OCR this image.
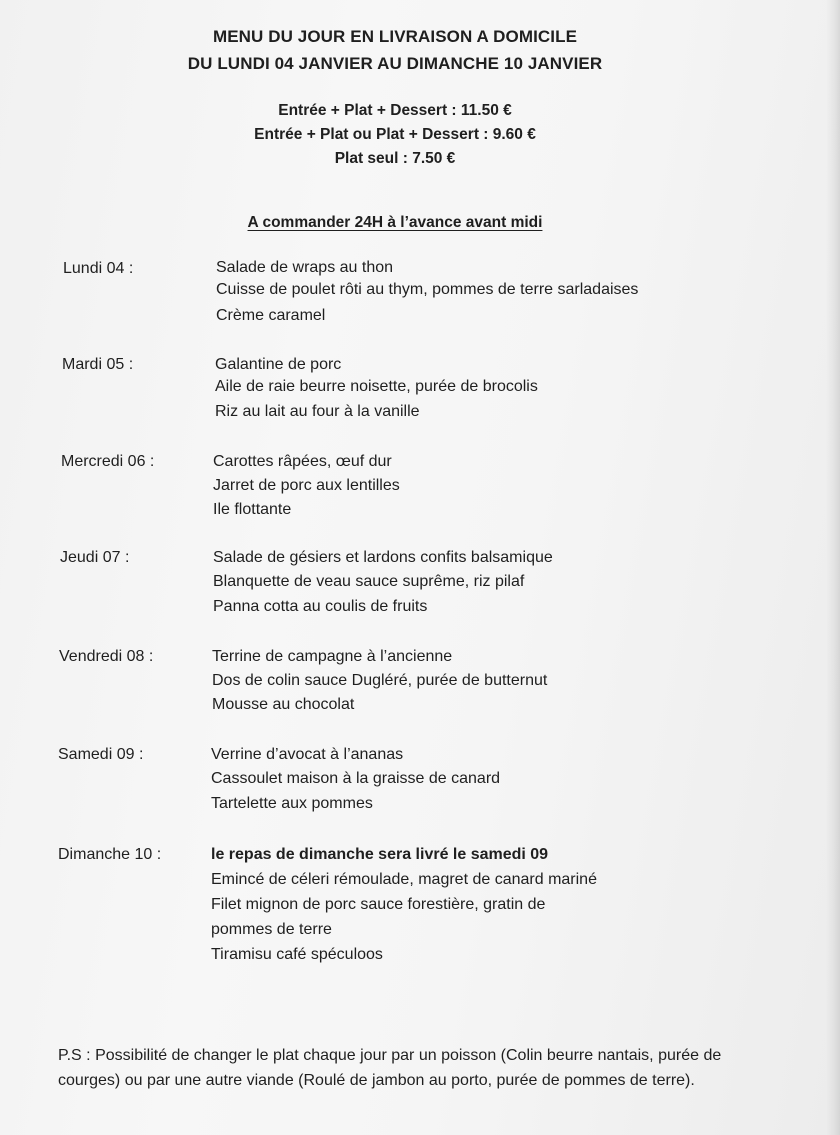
MENU DU JOUR EN LIVRAISON A DOMICILE
DU LUNDI 04 JANVIER AU DIMANCHE 10 JANVIER
Entrée + Plat + Dessert : 11.50 €
Entrée + Plat ou Plat + Dessert : 9.60 €
Plat seul : 7.50 €
A commander 24H à l’avance avant midi
Lundi 04 :	Salade de wraps au thon
Cuisse de poulet rôti au thym, pommes de terre sarladaises
Crème caramel
Mardi 05 :	Galantine de porc
Aile de raie beurre noisette, purée de brocolis
Riz au lait au four à la vanille
Mercredi 06 :	Carottes râpées, œuf dur
Jarret de porc aux lentilles
Ile flottante
Jeudi 07 :	Salade de gésiers et lardons confits balsamique
Blanquette de veau sauce suprême, riz pilaf
Panna cotta au coulis de fruits
Vendredi 08 :	Terrine de campagne à l’ancienne
Dos de colin sauce Dugléré, purée de butternut
Mousse au chocolat
Samedi 09 :	Verrine d’avocat à l’ananas
Cassoulet maison à la graisse de canard
Tartelette aux pommes
Dimanche 10 :	le repas de dimanche sera livré le samedi 09
Emincé de céleri rémoulade, magret de canard mariné
Filet mignon de porc sauce forestière, gratin de
pommes de terre
Tiramisu café spéculoos
P.S : Possibilité de changer le plat chaque jour par un poisson (Colin beurre nantais, purée de courges) ou par une autre viande (Roulé de jambon au porto, purée de pommes de terre).
